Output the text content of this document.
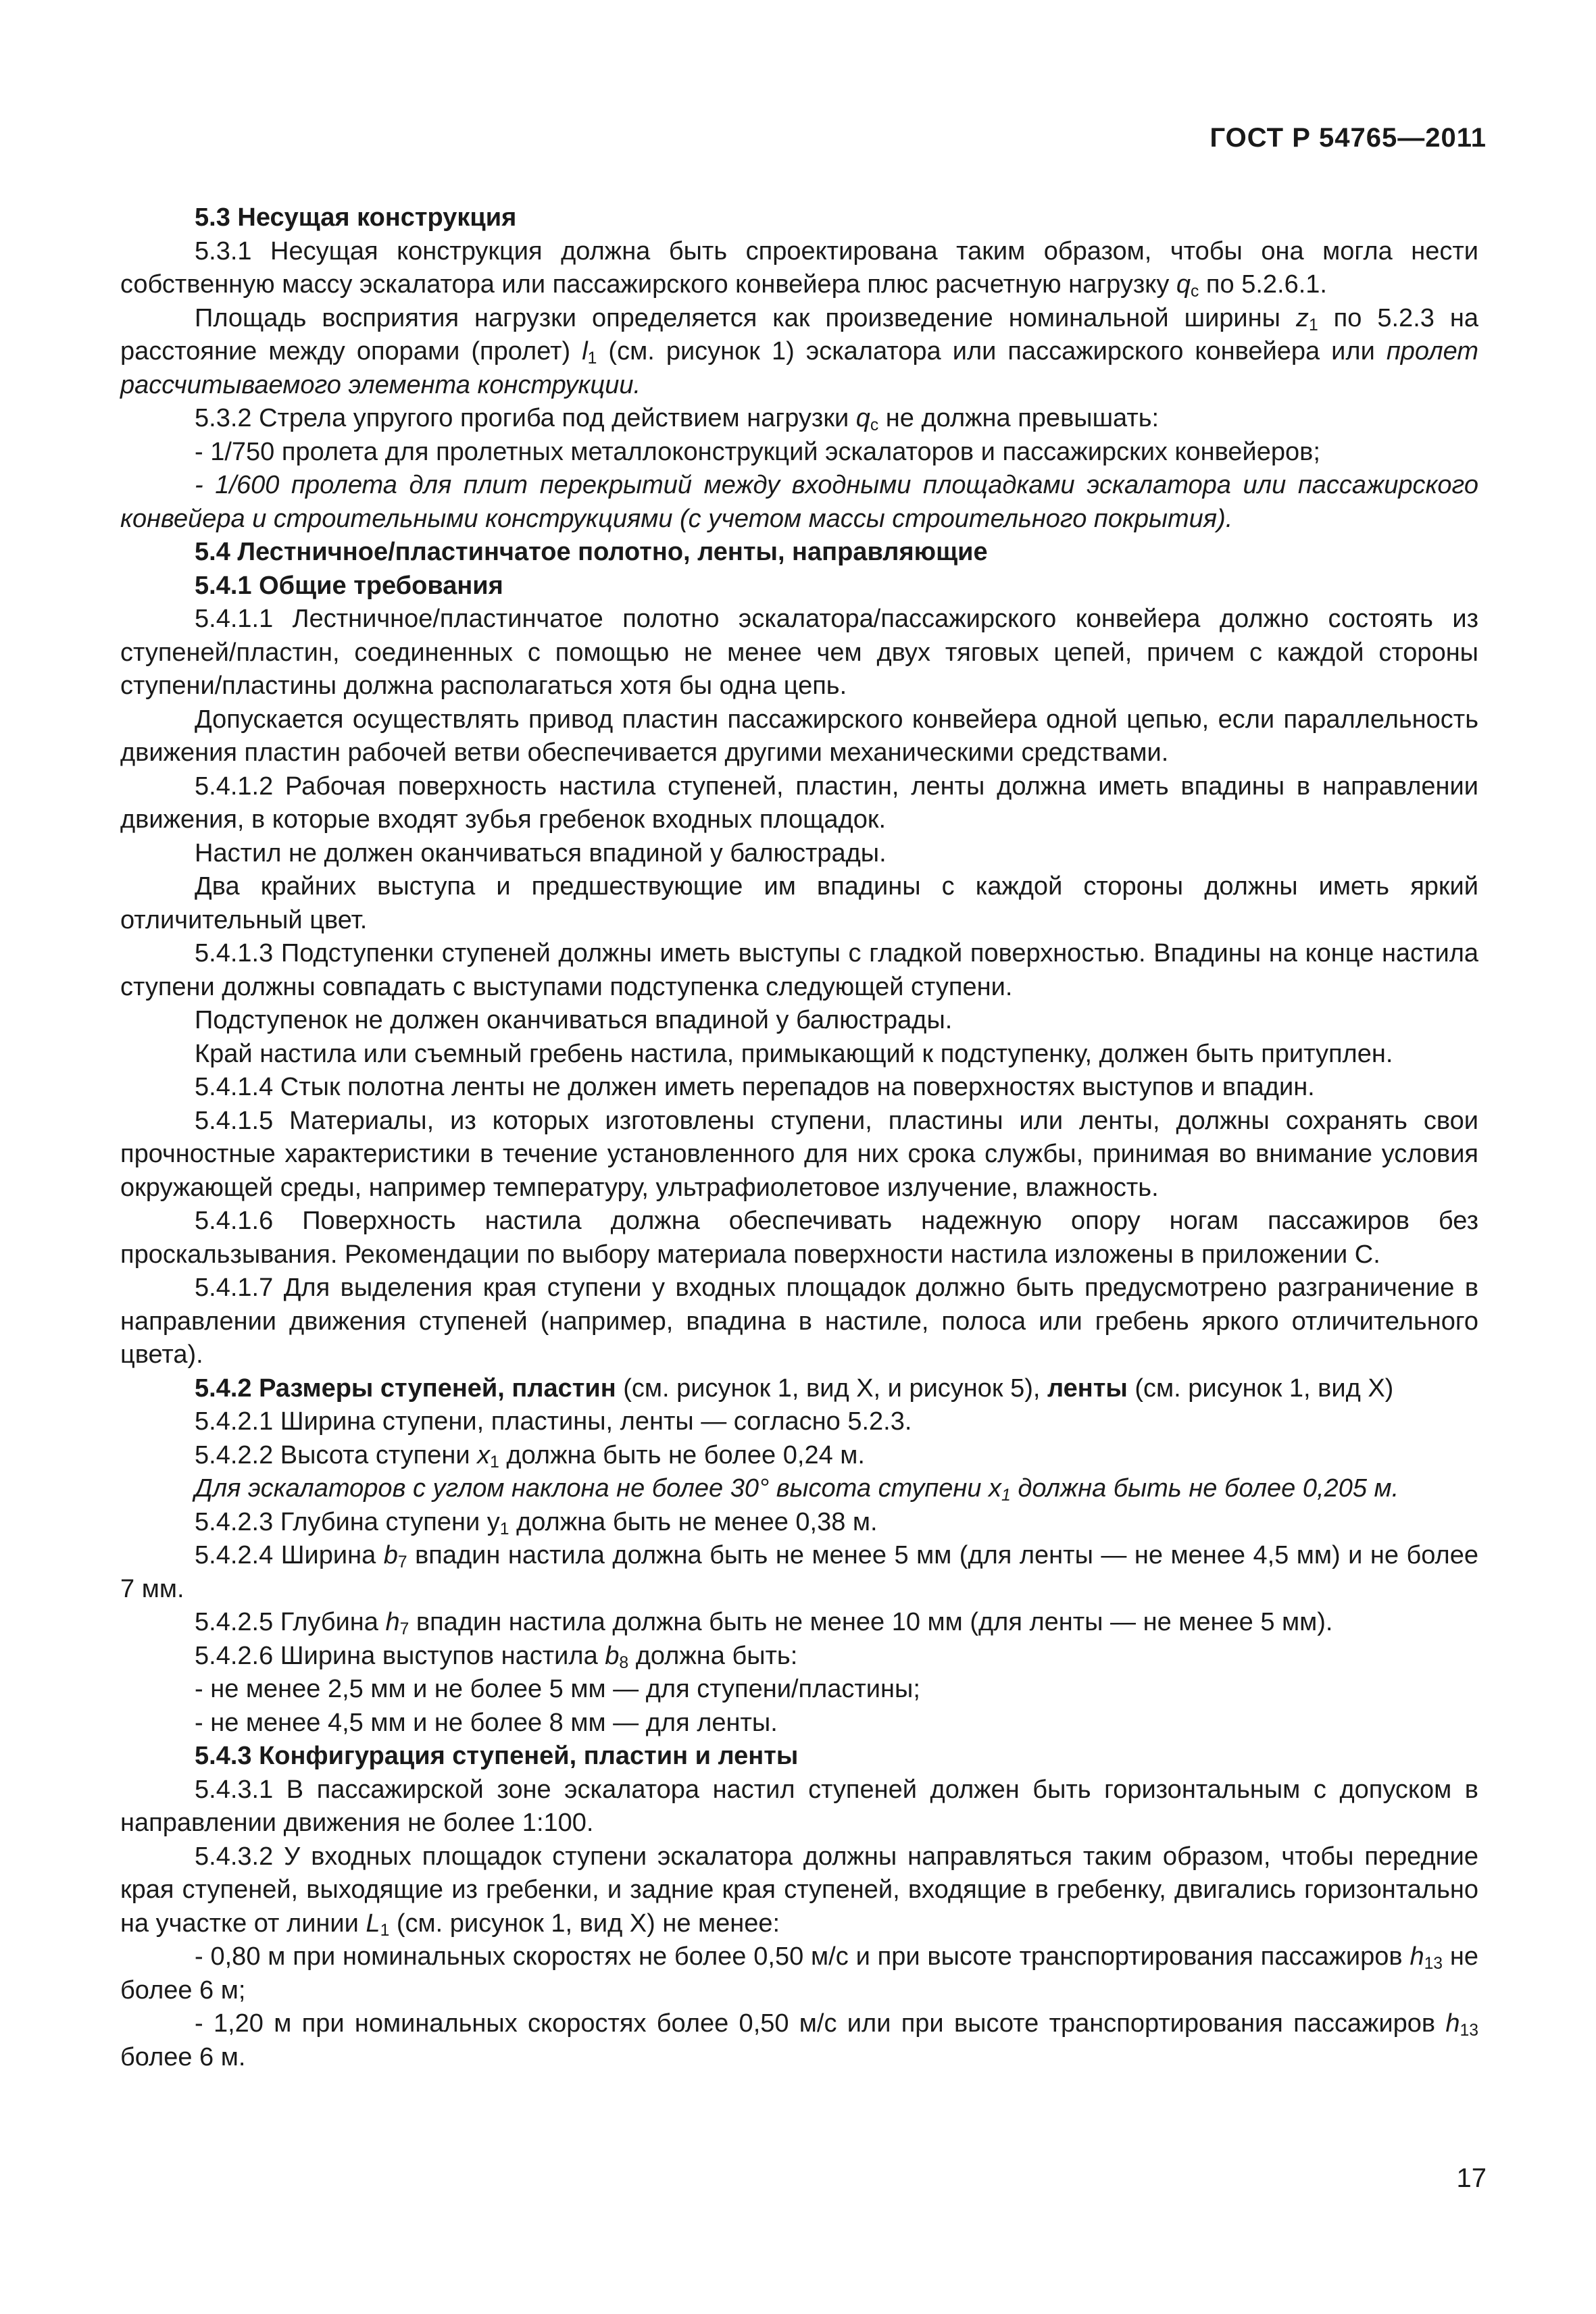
ГОСТ Р 54765—2011

5.3 Несущая конструкция

5.3.1 Несущая конструкция должна быть спроектирована таким образом, чтобы она могла нести собственную массу эскалатора или пассажирского конвейера плюс расчетную нагрузку $q_c$ по 5.2.6.1.

Площадь восприятия нагрузки определяется как произведение номинальной ширины $z_1$ по 5.2.3 на расстояние между опорами (пролет) $l_1$ (см. рисунок 1) эскалатора или пассажирского конвейера или пролет рассчитываемого элемента конструкции.

5.3.2 Стрела упругого прогиба под действием нагрузки $q_c$ не должна превышать:

- 1/750 пролета для пролетных металлоконструкций эскалаторов и пассажирских конвейеров;

- 1/600 пролета для плит перекрытий между входными площадками эскалатора или пассажирского конвейера и строительными конструкциями (с учетом массы строительного покрытия).

5.4 Лестничное/пластинчатое полотно, ленты, направляющие

5.4.1 Общие требования

5.4.1.1 Лестничное/пластинчатое полотно эскалатора/пассажирского конвейера должно состоять из ступеней/пластин, соединенных с помощью не менее чем двух тяговых цепей, причем с каждой стороны ступени/пластины должна располагаться хотя бы одна цепь.

Допускается осуществлять привод пластин пассажирского конвейера одной цепью, если параллельность движения пластин рабочей ветви обеспечивается другими механическими средствами.

5.4.1.2 Рабочая поверхность настила ступеней, пластин, ленты должна иметь впадины в направлении движения, в которые входят зубья гребенок входных площадок.

Настил не должен оканчиваться впадиной у балюстрады.

Два крайних выступа и предшествующие им впадины с каждой стороны должны иметь яркий отличительный цвет.

5.4.1.3 Подступенки ступеней должны иметь выступы с гладкой поверхностью. Впадины на конце настила ступени должны совпадать с выступами подступенка следующей ступени.

Подступенок не должен оканчиваться впадиной у балюстрады.

Край настила или съемный гребень настила, примыкающий к подступенку, должен быть притуплен.

5.4.1.4 Стык полотна ленты не должен иметь перепадов на поверхностях выступов и впадин.

5.4.1.5 Материалы, из которых изготовлены ступени, пластины или ленты, должны сохранять свои прочностные характеристики в течение установленного для них срока службы, принимая во внимание условия окружающей среды, например температуру, ультрафиолетовое излучение, влажность.

5.4.1.6 Поверхность настила должна обеспечивать надежную опору ногам пассажиров без проскальзывания. Рекомендации по выбору материала поверхности настила изложены в приложении С.

5.4.1.7 Для выделения края ступени у входных площадок должно быть предусмотрено разграничение в направлении движения ступеней (например, впадина в настиле, полоса или гребень яркого отличительного цвета).

5.4.2 Размеры ступеней, пластин (см. рисунок 1, вид X, и рисунок 5), ленты (см. рисунок 1, вид X)

5.4.2.1 Ширина ступени, пластины, ленты — согласно 5.2.3.

5.4.2.2 Высота ступени $x_1$ должна быть не более 0,24 м.

Для эскалаторов с углом наклона не более 30° высота ступени $x_1$ должна быть не более 0,205 м.

5.4.2.3 Глубина ступени $y_1$ должна быть не менее 0,38 м.

5.4.2.4 Ширина $b_7$ впадин настила должна быть не менее 5 мм (для ленты — не менее 4,5 мм) и не более 7 мм.

5.4.2.5 Глубина $h_7$ впадин настила должна быть не менее 10 мм (для ленты — не менее 5 мм).

5.4.2.6 Ширина выступов настила $b_8$ должна быть:

- не менее 2,5 мм и не более 5 мм — для ступени/пластины;

- не менее 4,5 мм и не более 8 мм — для ленты.

5.4.3 Конфигурация ступеней, пластин и ленты

5.4.3.1 В пассажирской зоне эскалатора настил ступеней должен быть горизонтальным с допуском в направлении движения не более 1:100.

5.4.3.2 У входных площадок ступени эскалатора должны направляться таким образом, чтобы передние края ступеней, выходящие из гребенки, и задние края ступеней, входящие в гребенку, двигались горизонтально на участке от линии $L_1$ (см. рисунок 1, вид X) не менее:

- 0,80 м при номинальных скоростях не более 0,50 м/с и при высоте транспортирования пассажиров $h_{13}$ не более 6 м;

- 1,20 м при номинальных скоростях более 0,50 м/с или при высоте транспортирования пассажиров $h_{13}$ более 6 м.

17
